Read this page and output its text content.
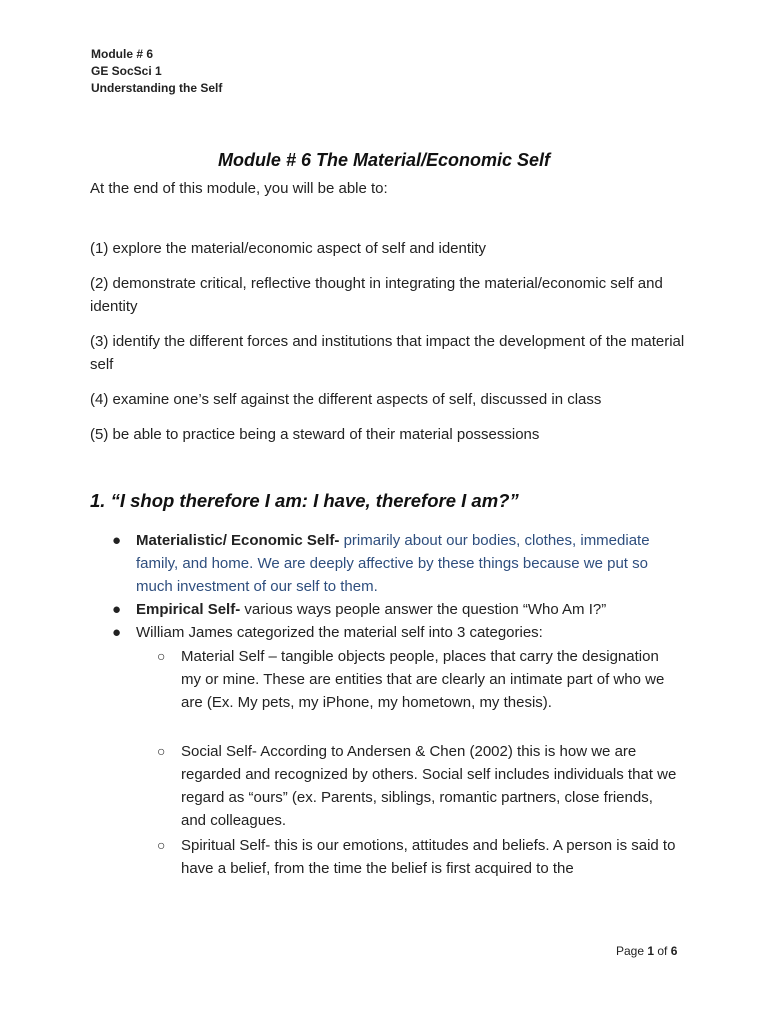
Module # 6
GE SocSci 1
Understanding the Self
Module # 6 The Material/Economic Self
At the end of this module, you will be able to:
(1) explore the material/economic aspect of self and identity
(2) demonstrate critical, reflective thought in integrating the material/economic self and identity
(3) identify the different forces and institutions that impact the development of the material self
(4) examine one’s self against the different aspects of self, discussed in class
(5) be able to practice being a steward of their material possessions
1. “I shop therefore I am: I have, therefore I am?”
● Materialistic/ Economic Self- primarily about our bodies, clothes, immediate family, and home. We are deeply affective by these things because we put so much investment of our self to them.
● Empirical Self- various ways people answer the question “Who Am I?”
● William James categorized the material self into 3 categories:
○ Material Self – tangible objects people, places that carry the designation my or mine. These are entities that are clearly an intimate part of who we are (Ex. My pets, my iPhone, my hometown, my thesis).
○ Social Self- According to Andersen & Chen (2002) this is how we are regarded and recognized by others. Social self includes individuals that we regard as “ours” (ex. Parents, siblings, romantic partners, close friends, and colleagues.
○ Spiritual Self- this is our emotions, attitudes and beliefs. A person is said to have a belief, from the time the belief is first acquired to the
Page 1 of 6
